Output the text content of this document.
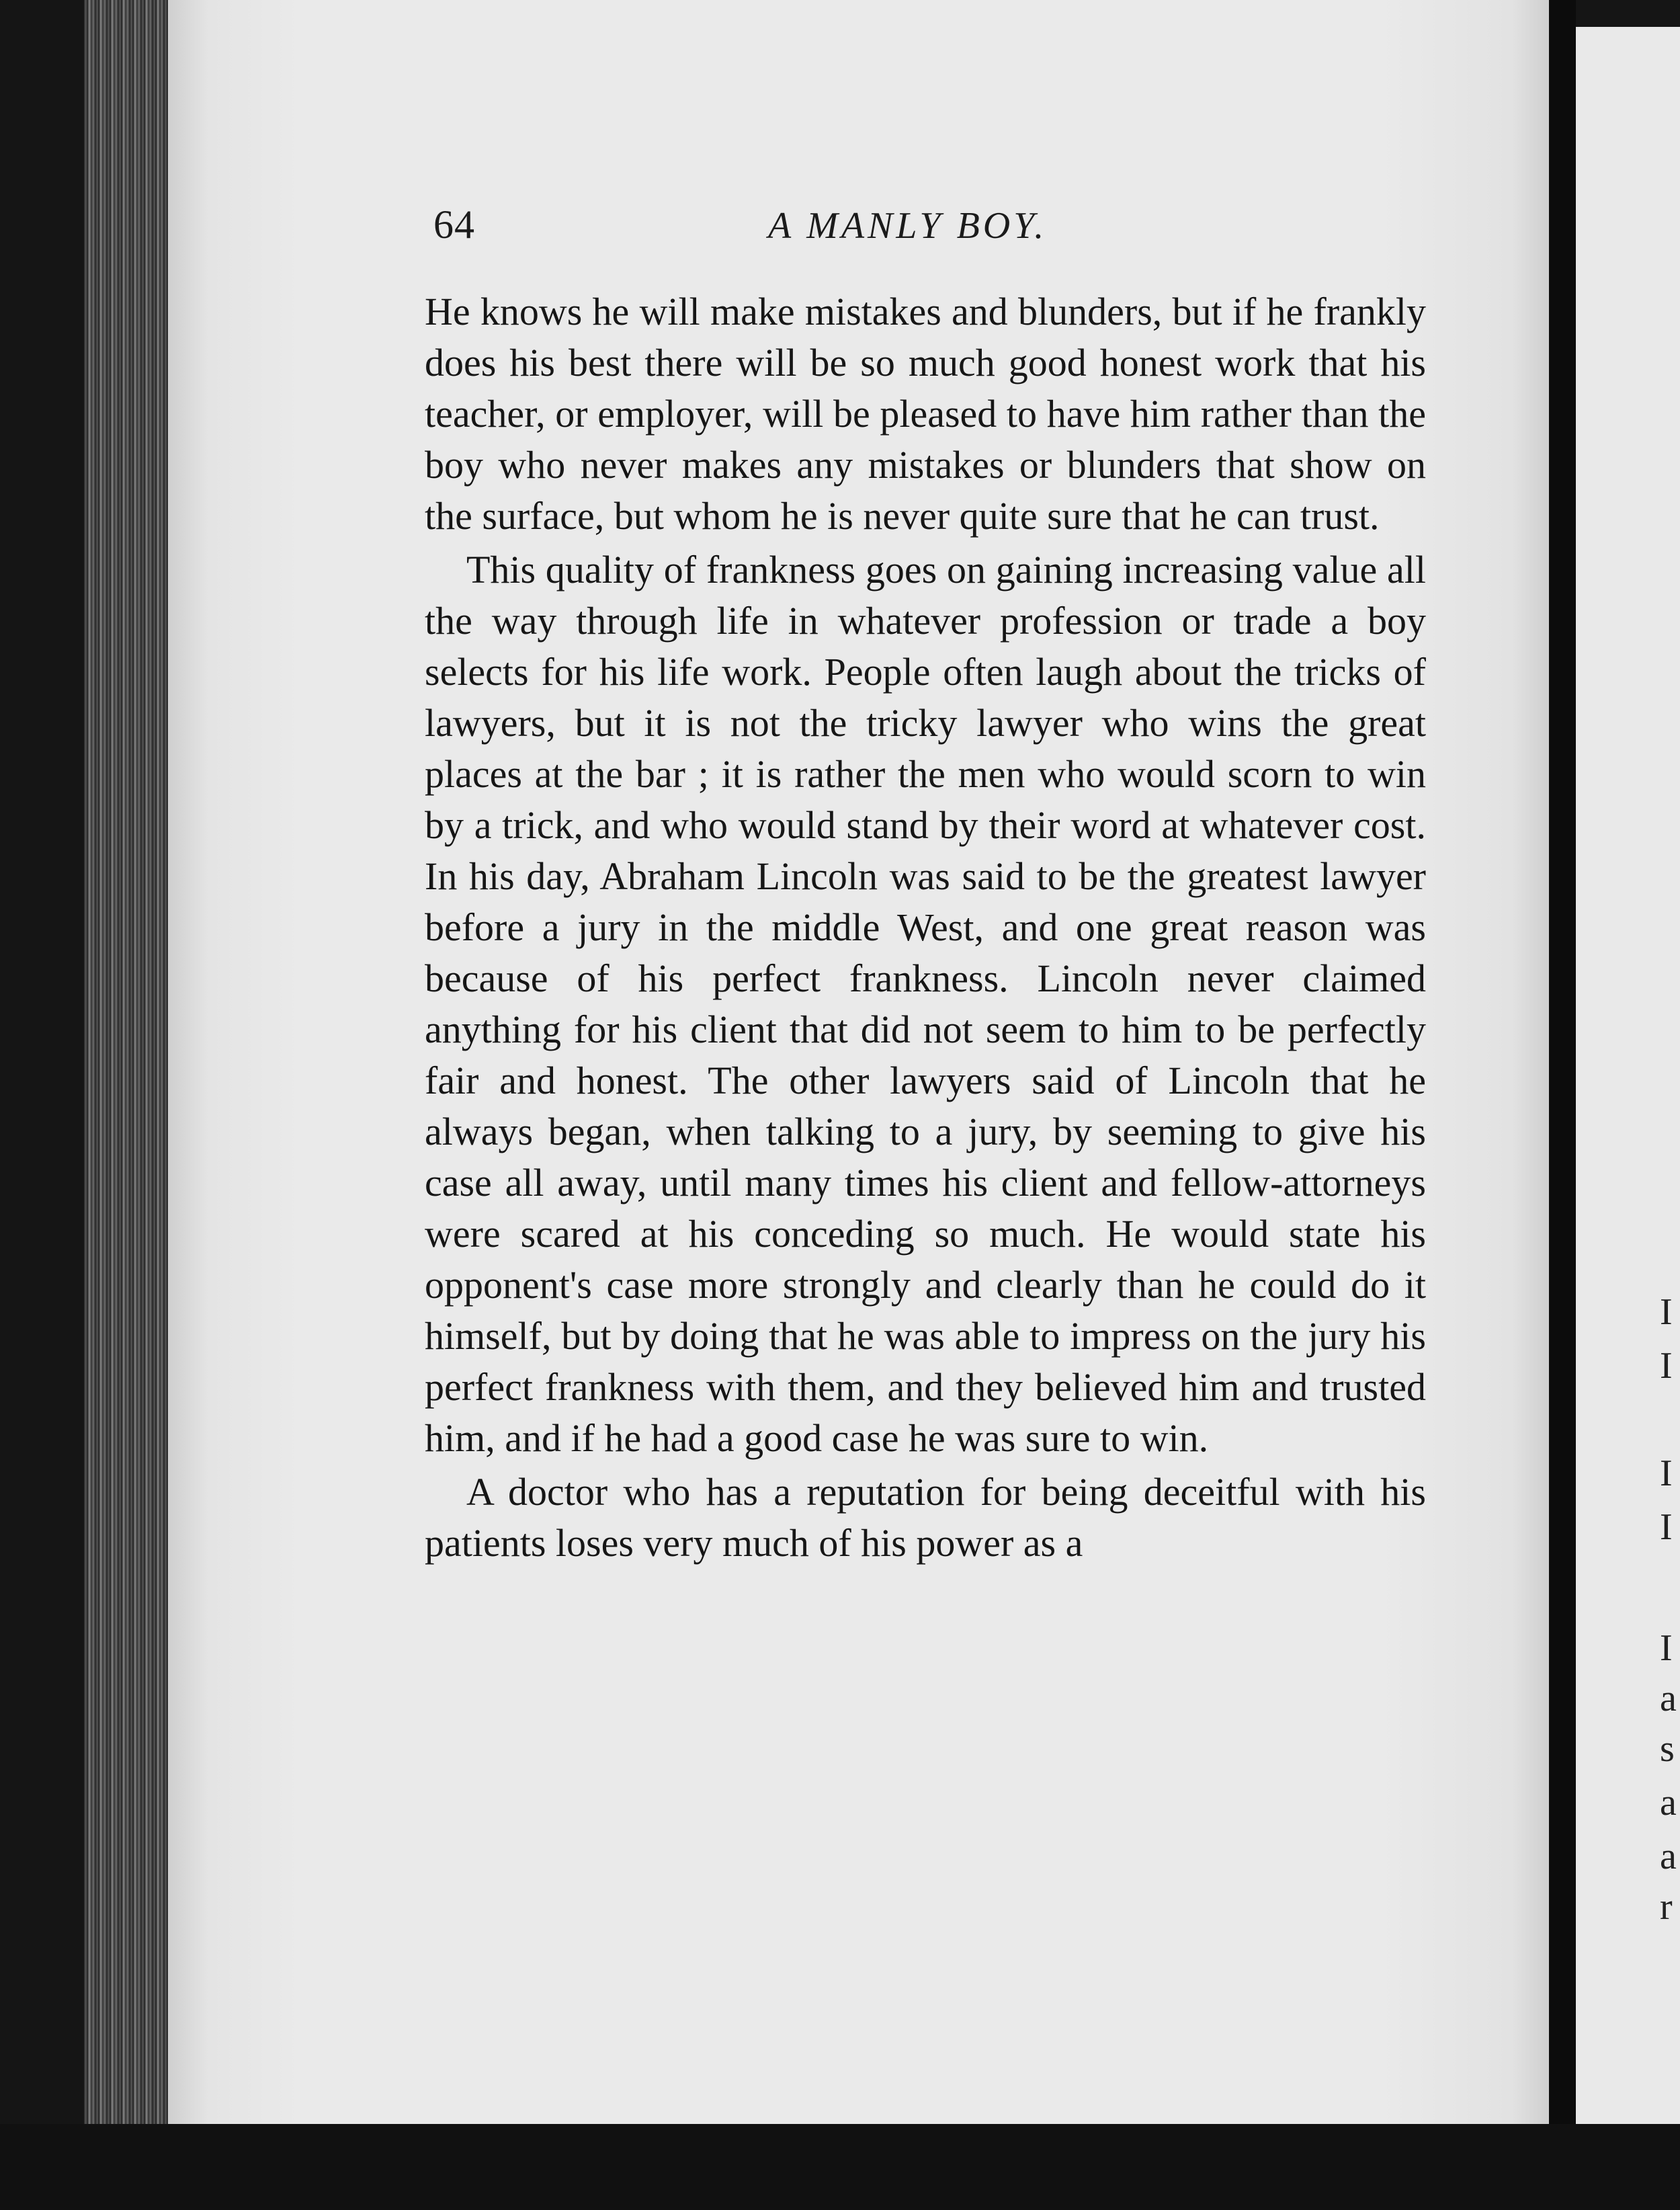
I
I
I
I
I
a
s
a
a
r
64	A MANLY BOY.

He knows he will make mistakes and blunders, but if he frankly does his best there will be so much good honest work that his teacher, or employer, will be pleased to have him rather than the boy who never makes any mistakes or blunders that show on the surface, but whom he is never quite sure that he can trust.

This quality of frankness goes on gaining increasing value all the way through life in whatever profession or trade a boy selects for his life work. People often laugh about the tricks of lawyers, but it is not the tricky lawyer who wins the great places at the bar ; it is rather the men who would scorn to win by a trick, and who would stand by their word at whatever cost. In his day, Abraham Lincoln was said to be the greatest lawyer before a jury in the middle West, and one great reason was because of his perfect frankness. Lincoln never claimed anything for his client that did not seem to him to be perfectly fair and honest. The other lawyers said of Lincoln that he always began, when talking to a jury, by seeming to give his case all away, until many times his client and fellow-attorneys were scared at his conceding so much. He would state his opponent's case more strongly and clearly than he could do it himself, but by doing that he was able to impress on the jury his perfect frankness with them, and they believed him and trusted him, and if he had a good case he was sure to win.

A doctor who has a reputation for being deceitful with his patients loses very much of his power as a
